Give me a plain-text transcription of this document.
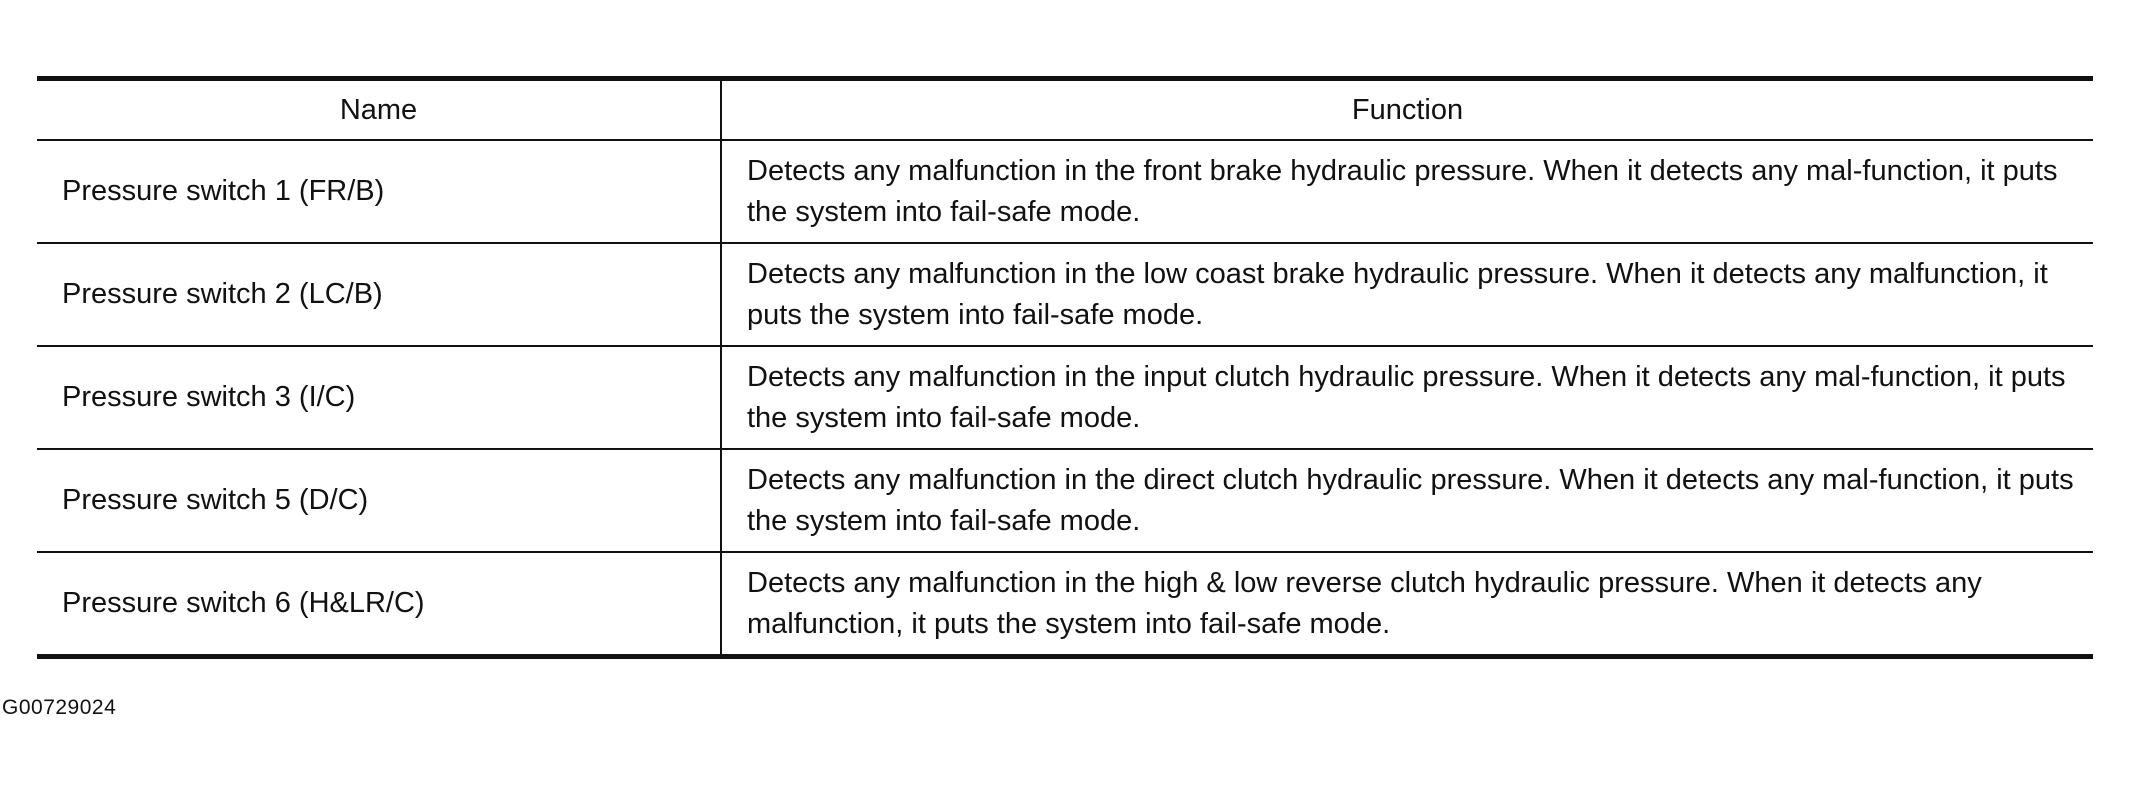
Name	Function
Pressure switch 1 (FR/B)	Detects any malfunction in the front brake hydraulic pressure. When it detects any mal-function, it puts the system into fail-safe mode.
Pressure switch 2 (LC/B)	Detects any malfunction in the low coast brake hydraulic pressure. When it detects any malfunction, it puts the system into fail-safe mode.
Pressure switch 3 (I/C)	Detects any malfunction in the input clutch hydraulic pressure. When it detects any mal-function, it puts the system into fail-safe mode.
Pressure switch 5 (D/C)	Detects any malfunction in the direct clutch hydraulic pressure. When it detects any mal-function, it puts the system into fail-safe mode.
Pressure switch 6 (H&LR/C)	Detects any malfunction in the high & low reverse clutch hydraulic pressure. When it detects any malfunction, it puts the system into fail-safe mode.
G00729024
